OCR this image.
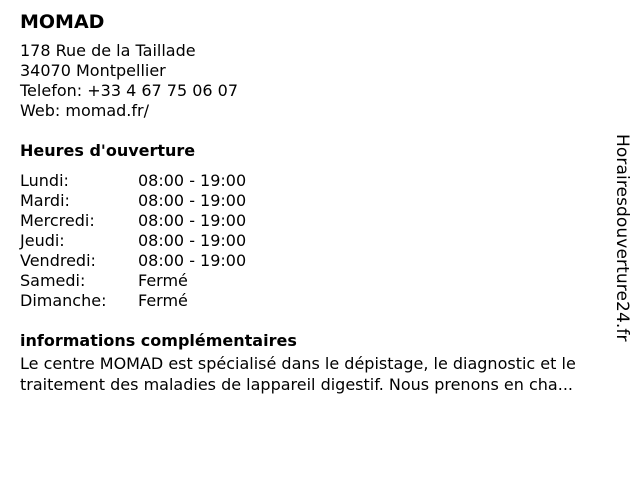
MOMAD
178 Rue de la Taillade
34070 Montpellier
Telefon: +33 4 67 75 06 07
Web: momad.fr/
Heures d'ouverture
Lundi:	08:00 - 19:00
Mardi:	08:00 - 19:00
Mercredi:	08:00 - 19:00
Jeudi:	08:00 - 19:00
Vendredi:	08:00 - 19:00
Samedi:	Fermé
Dimanche:	Fermé
informations complémentaires
Le centre MOMAD est spécialisé dans le dépistage, le diagnostic et le
traitement des maladies de lappareil digestif. Nous prenons en cha...
Horairesdouverture24.fr
